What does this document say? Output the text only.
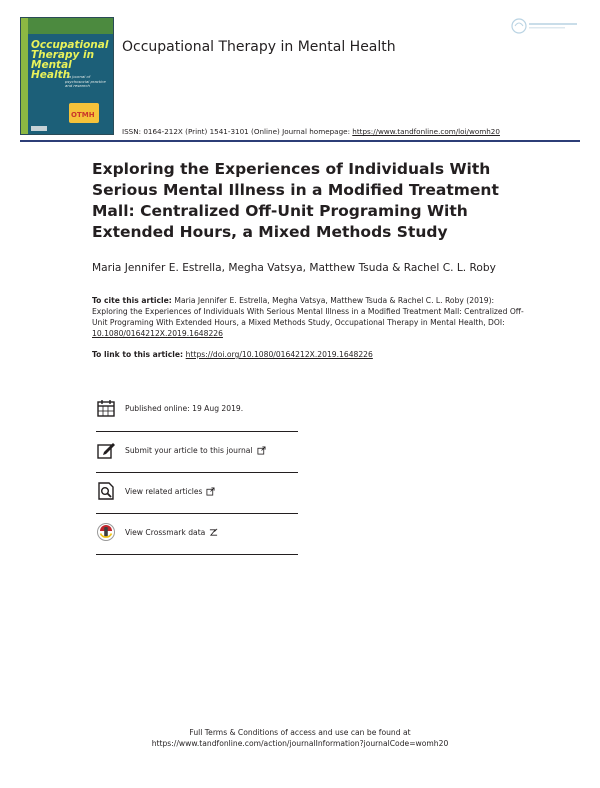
Occupational Therapy in Mental Health
...a journal of psychosocial practice and research
OTMH
Occupational Therapy in Mental Health
ISSN: 0164-212X (Print) 1541-3101 (Online) Journal homepage: https://www.tandfonline.com/loi/womh20
Exploring the Experiences of Individuals With Serious Mental Illness in a Modified Treatment Mall: Centralized Off-Unit Programing With Extended Hours, a Mixed Methods Study
Maria Jennifer E. Estrella, Megha Vatsya, Matthew Tsuda & Rachel C. L. Roby
To cite this article: Maria Jennifer E. Estrella, Megha Vatsya, Matthew Tsuda & Rachel C. L. Roby (2019): Exploring the Experiences of Individuals With Serious Mental Illness in a Modified Treatment Mall: Centralized Off-Unit Programing With Extended Hours, a Mixed Methods Study, Occupational Therapy in Mental Health, DOI: 10.1080/0164212X.2019.1648226
To link to this article: https://doi.org/10.1080/0164212X.2019.1648226
Published online: 19 Aug 2019.
Submit your article to this journal
View related articles
View Crossmark data
Full Terms & Conditions of access and use can be found at
https://www.tandfonline.com/action/journalInformation?journalCode=womh20
